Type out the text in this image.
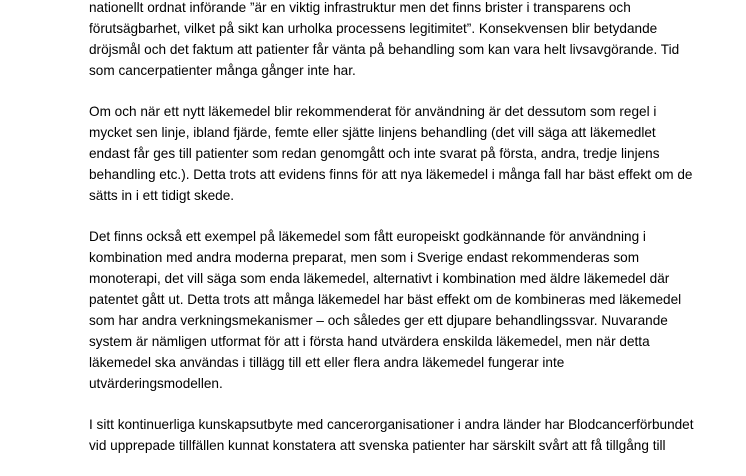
nationellt ordnat införande ”är en viktig infrastruktur men det finns brister i transparens och
förutsägbarhet, vilket på sikt kan urholka processens legitimitet”. Konsekvensen blir betydande
dröjsmål och det faktum att patienter får vänta på behandling som kan vara helt livsavgörande. Tid
som cancerpatienter många gånger inte har.

Om och när ett nytt läkemedel blir rekommenderat för användning är det dessutom som regel i
mycket sen linje, ibland fjärde, femte eller sjätte linjens behandling (det vill säga att läkemedlet
endast får ges till patienter som redan genomgått och inte svarat på första, andra, tredje linjens
behandling etc.). Detta trots att evidens finns för att nya läkemedel i många fall har bäst effekt om de
sätts in i ett tidigt skede.

Det finns också ett exempel på läkemedel som fått europeiskt godkännande för användning i
kombination med andra moderna preparat, men som i Sverige endast rekommenderas som
monoterapi, det vill säga som enda läkemedel, alternativt i kombination med äldre läkemedel där
patentet gått ut. Detta trots att många läkemedel har bäst effekt om de kombineras med läkemedel
som har andra verkningsmekanismer – och således ger ett djupare behandlingssvar. Nuvarande
system är nämligen utformat för att i första hand utvärdera enskilda läkemedel, men när detta
läkemedel ska användas i tillägg till ett eller flera andra läkemedel fungerar inte
utvärderingsmodellen.

I sitt kontinuerliga kunskapsutbyte med cancerorganisationer i andra länder har Blodcancerförbundet
vid upprepade tillfällen kunnat konstatera att svenska patienter har särskilt svårt att få tillgång till
